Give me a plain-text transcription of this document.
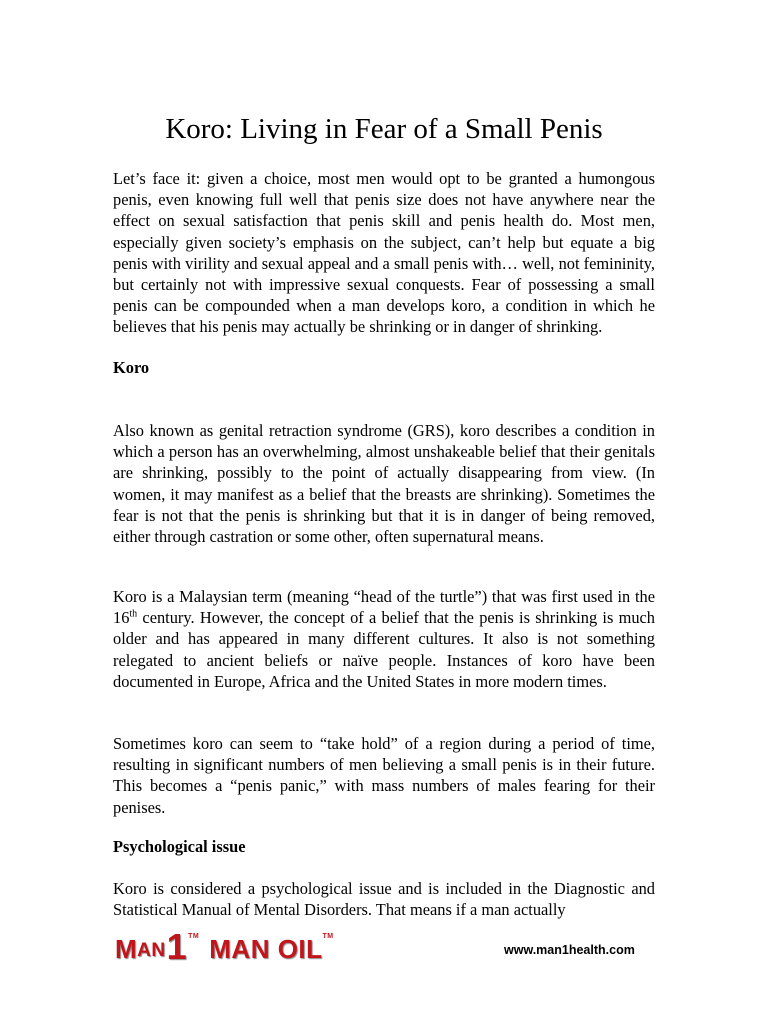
Koro: Living in Fear of a Small Penis

Let’s face it: given a choice, most men would opt to be granted a humongous penis, even knowing full well that penis size does not have anywhere near the effect on sexual satisfaction that penis skill and penis health do. Most men, especially given society’s emphasis on the subject, can’t help but equate a big penis with virility and sexual appeal and a small penis with… well, not femininity, but certainly not with impressive sexual conquests. Fear of possessing a small penis can be compounded when a man develops koro, a condition in which he believes that his penis may actually be shrinking or in danger of shrinking.

Koro

Also known as genital retraction syndrome (GRS), koro describes a condition in which a person has an overwhelming, almost unshakeable belief that their genitals are shrinking, possibly to the point of actually disappearing from view. (In women, it may manifest as a belief that the breasts are shrinking). Sometimes the fear is not that the penis is shrinking but that it is in danger of being removed, either through castration or some other, often supernatural means.

Koro is a Malaysian term (meaning “head of the turtle”) that was first used in the 16th century. However, the concept of a belief that the penis is shrinking is much older and has appeared in many different cultures. It also is not something relegated to ancient beliefs or naïve people. Instances of koro have been documented in Europe, Africa and the United States in more modern times.

Sometimes koro can seem to “take hold” of a region during a period of time, resulting in significant numbers of men believing a small penis is in their future. This becomes a “penis panic,” with mass numbers of males fearing for their penises.

Psychological issue

Koro is considered a psychological issue and is included in the Diagnostic and Statistical Manual of Mental Disorders. That means if a man actually

M AN 1 TM MAN OIL TM
www.man1health.com
